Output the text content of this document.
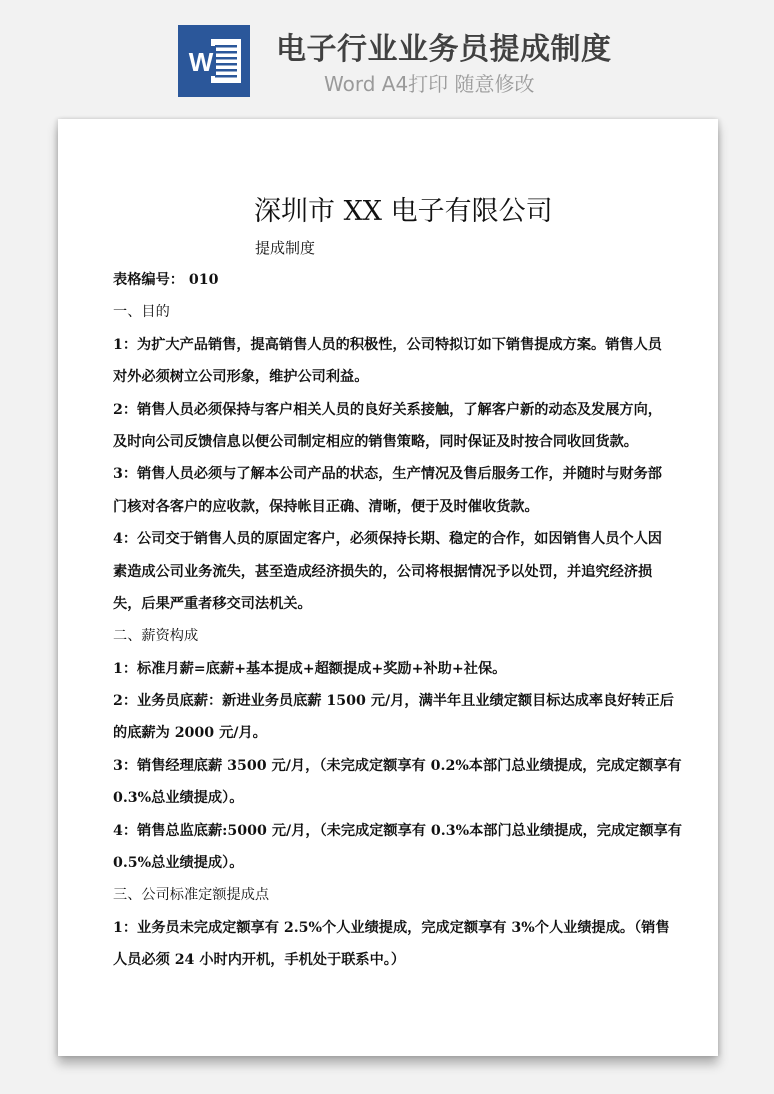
W 电子行业业务员提成制度
Word A4打印 随意修改
深圳市 XX 电子有限公司
提成制度
表格编号： 010
一、目的
1：为扩大产品销售，提高销售人员的积极性，公司特拟订如下销售提成方案。销售人员
对外必须树立公司形象，维护公司利益。
2：销售人员必须保持与客户相关人员的良好关系接触，了解客户新的动态及发展方向，
及时向公司反馈信息以便公司制定相应的销售策略，同时保证及时按合同收回货款。
3：销售人员必须与了解本公司产品的状态，生产情况及售后服务工作，并随时与财务部
门核对各客户的应收款，保持帐目正确、清晰，便于及时催收货款。
4：公司交于销售人员的原固定客户，必须保持长期、稳定的合作，如因销售人员个人因
素造成公司业务流失，甚至造成经济损失的，公司将根据情况予以处罚，并追究经济损
失，后果严重者移交司法机关。
二、薪资构成
1：标准月薪=底薪+基本提成+超额提成+奖励+补助+社保。
2：业务员底薪：新进业务员底薪 1500 元/月，满半年且业绩定额目标达成率良好转正后
的底薪为 2000 元/月。
3：销售经理底薪 3500 元/月，（未完成定额享有 0.2%本部门总业绩提成，完成定额享有
0.3%总业绩提成）。
4：销售总监底薪:5000 元/月，（未完成定额享有 0.3%本部门总业绩提成，完成定额享有
0.5%总业绩提成）。
三、公司标准定额提成点
1：业务员未完成定额享有 2.5%个人业绩提成，完成定额享有 3%个人业绩提成。（销售
人员必须 24 小时内开机，手机处于联系中。）
